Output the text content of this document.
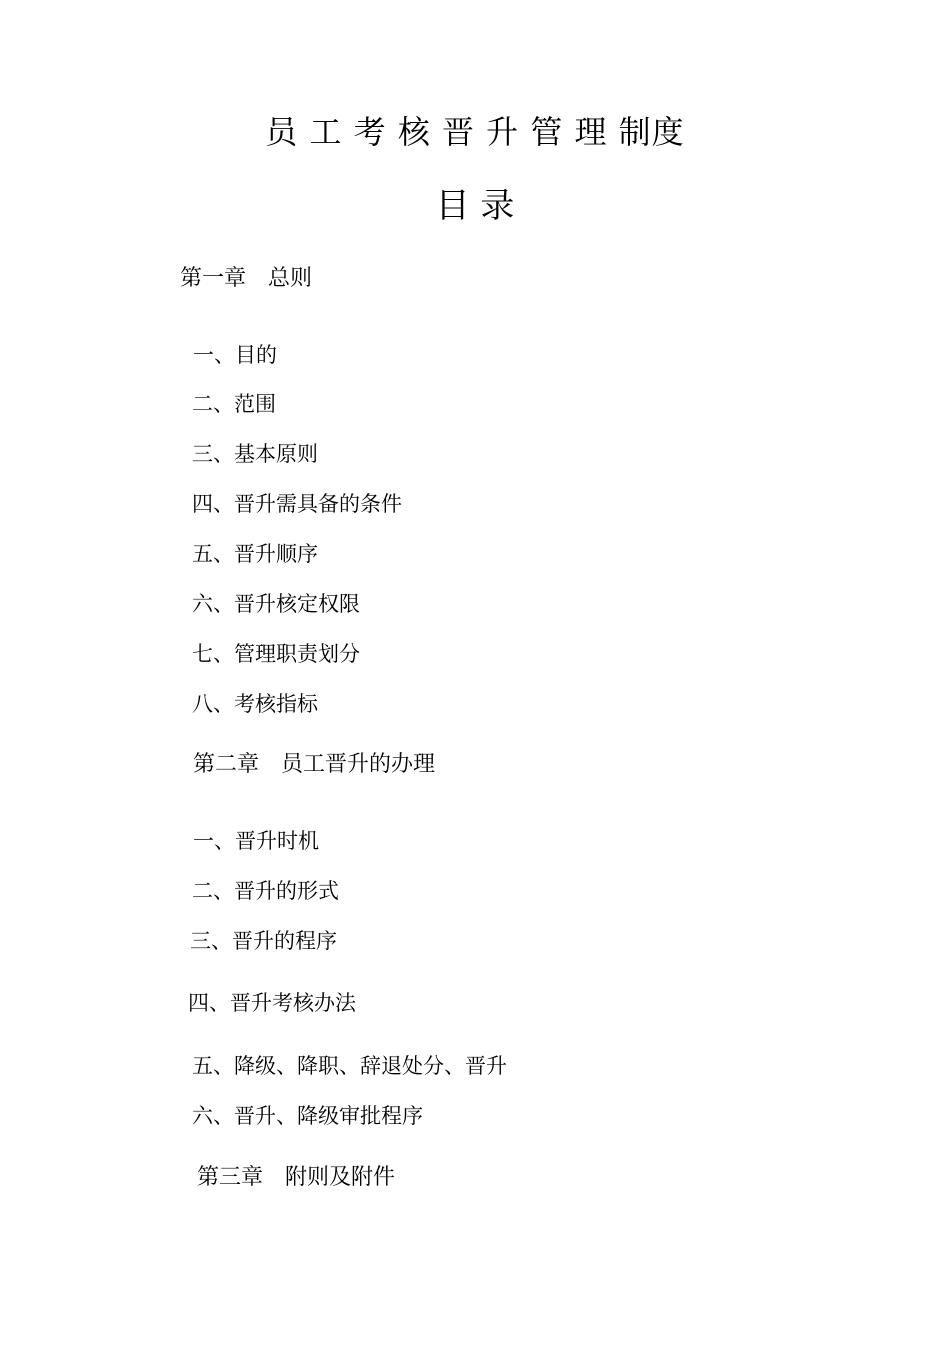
员 工 考 核 晋 升 管 理 制度
目 录
第一章　总则
一、目的
二、范围
三、基本原则
四、晋升需具备的条件
五、晋升顺序
六、晋升核定权限
七、管理职责划分
八、考核指标
第二章　员工晋升的办理
一、晋升时机
二、晋升的形式
三、晋升的程序
四、晋升考核办法
五、降级、降职、辞退处分、晋升
六、晋升、降级审批程序
第三章　附则及附件
